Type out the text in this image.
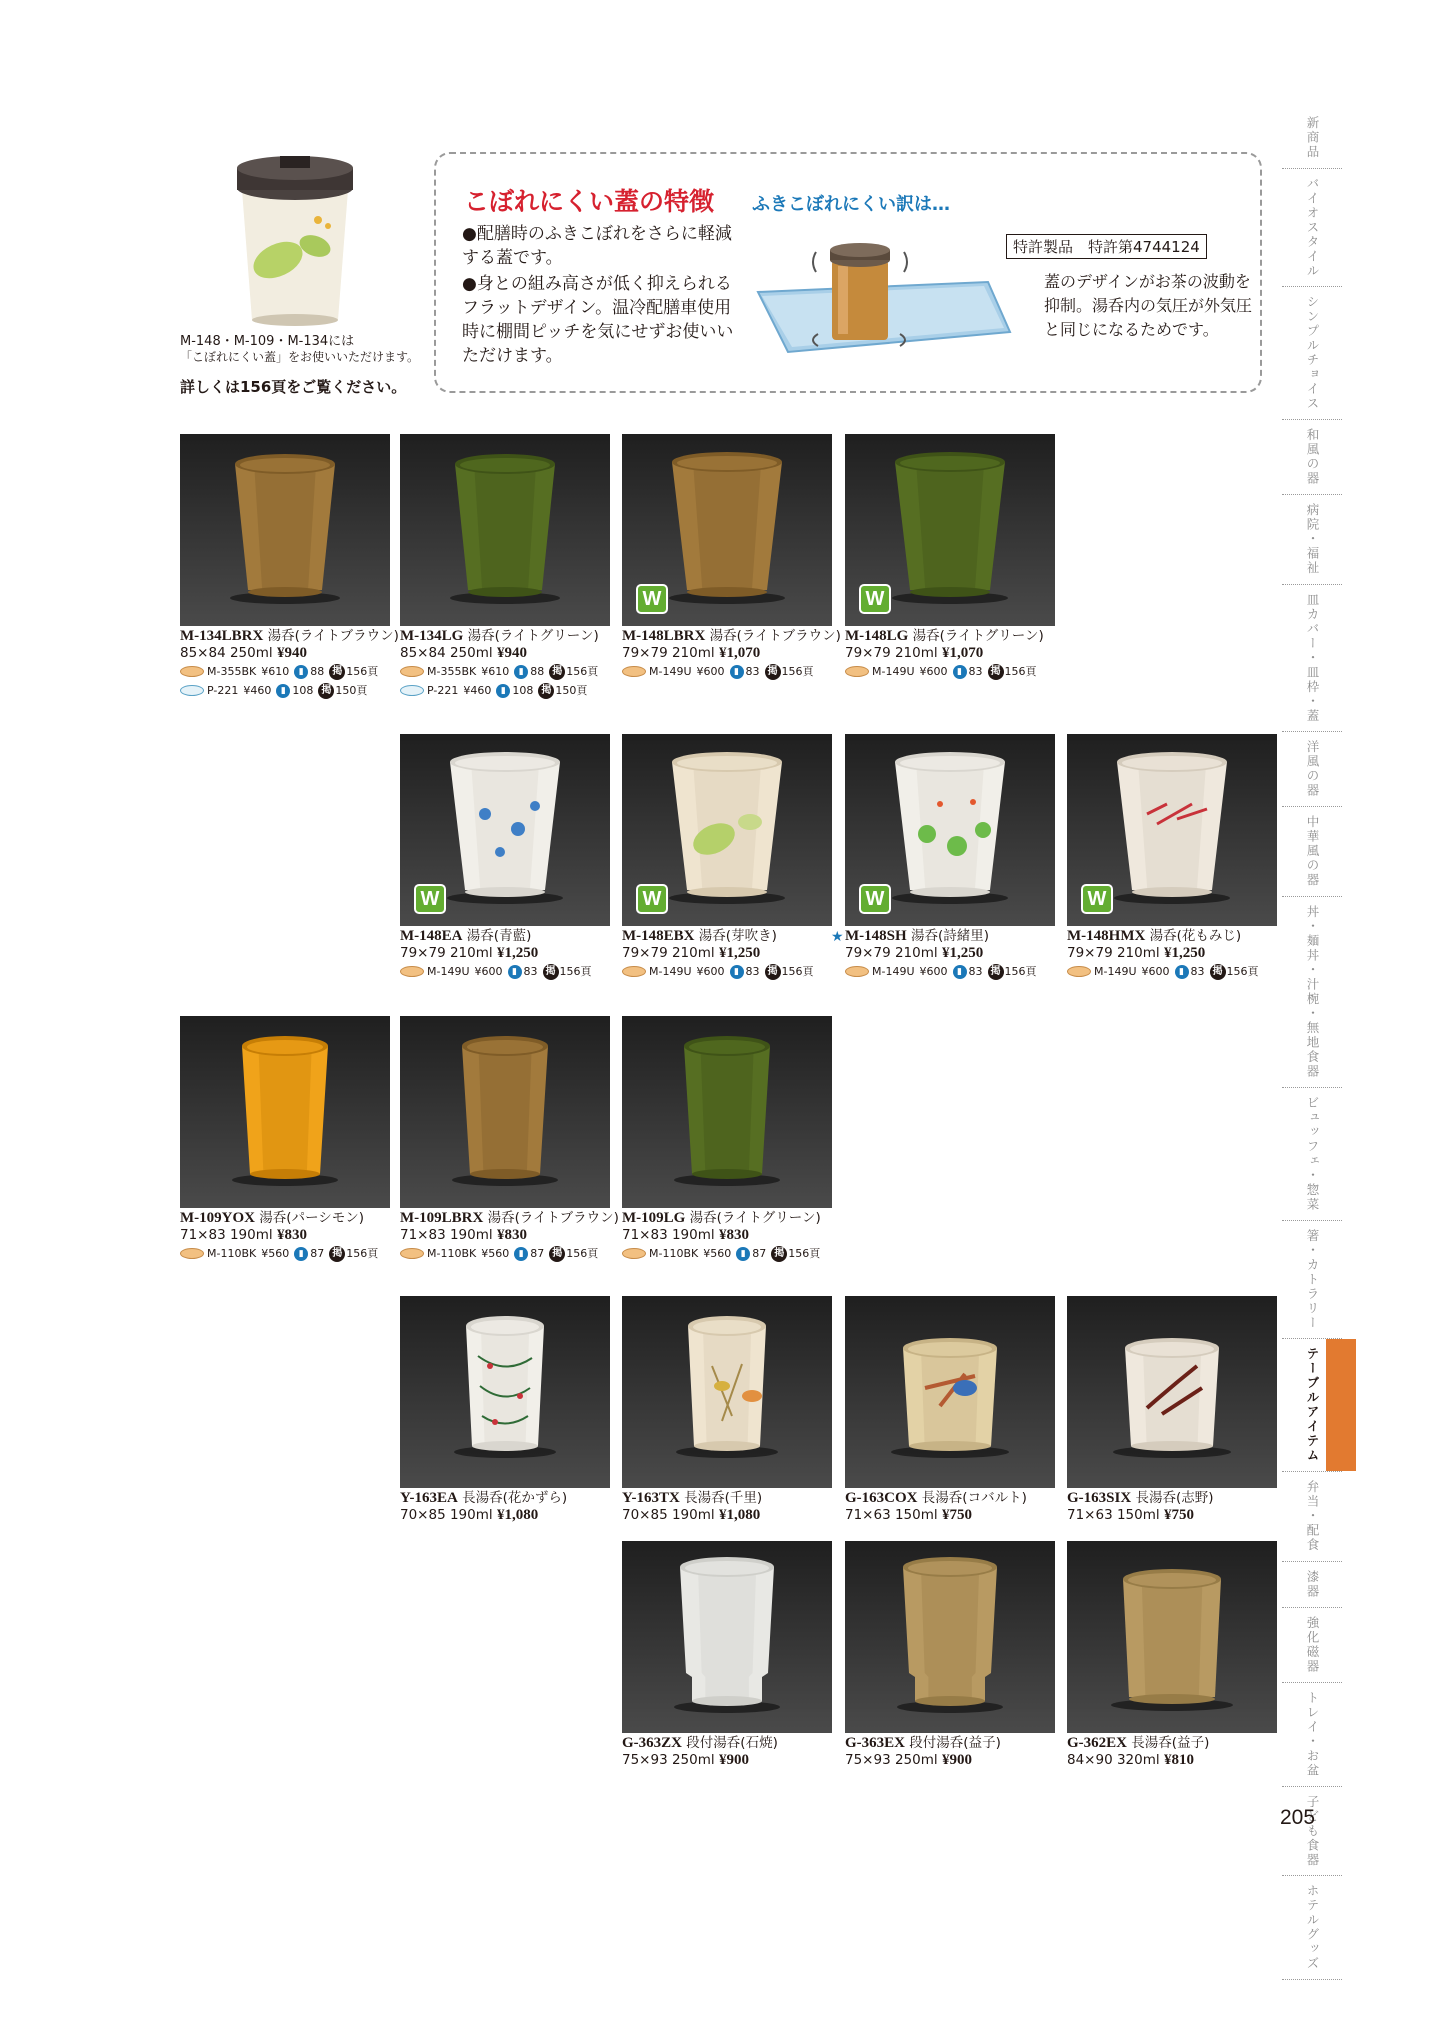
M-148・M-109・M-134には
「こぼれにくい蓋」をお使いいただけます。
詳しくは156頁をご覧ください。
こぼれにくい蓋の特徴
●配膳時のふきこぼれをさらに軽減する蓋です。
●身との組み高さが低く抑えられるフラットデザイン。温冷配膳車使用時に棚間ピッチを気にせずお使いいただけます。
ふきこぼれにくい訳は…
特許製品　特許第4744124
蓋のデザインがお茶の波動を抑制。湯呑内の気圧が外気圧と同じになるためです。
M-134LBRX 湯呑(ライトブラウン)
85×84 250ml ¥940
M-355BK ¥610	▮ 88 掲 156頁
P-221 ¥460	▮ 108 掲 150頁
M-134LG 湯呑(ライトグリーン)
85×84 250ml ¥940
M-355BK ¥610	▮ 88 掲 156頁
P-221 ¥460	▮ 108 掲 150頁
W
M-148LBRX 湯呑(ライトブラウン)
79×79 210ml ¥1,070
M-149U ¥600	▮ 83 掲 156頁
W
M-148LG 湯呑(ライトグリーン)
79×79 210ml ¥1,070
M-149U ¥600	▮ 83 掲 156頁
W
M-148EA 湯呑(青藍)
79×79 210ml ¥1,250
M-149U ¥600	▮ 83 掲 156頁
W
M-148EBX 湯呑(芽吹き)
79×79 210ml ¥1,250
M-149U ¥600	▮ 83 掲 156頁
W
★ M-148SH 湯呑(詩緒里)
79×79 210ml ¥1,250
M-149U ¥600	▮ 83 掲 156頁
W
M-148HMX 湯呑(花もみじ)
79×79 210ml ¥1,250
M-149U ¥600	▮ 83 掲 156頁
M-109YOX 湯呑(パーシモン)
71×83 190ml ¥830
M-110BK ¥560	▮ 87 掲 156頁
M-109LBRX 湯呑(ライトブラウン)
71×83 190ml ¥830
M-110BK ¥560	▮ 87 掲 156頁
M-109LG 湯呑(ライトグリーン)
71×83 190ml ¥830
M-110BK ¥560	▮ 87 掲 156頁
Y-163EA 長湯呑(花かずら)
70×85 190ml ¥1,080
Y-163TX 長湯呑(千里)
70×85 190ml ¥1,080
G-163COX 長湯呑(コバルト)
71×63 150ml ¥750
G-163SIX 長湯呑(志野)
71×63 150ml ¥750
G-363ZX 段付湯呑(石焼)
75×93 250ml ¥900
G-363EX 段付湯呑(益子)
75×93 250ml ¥900
G-362EX 長湯呑(益子)
84×90 320ml ¥810
新商品
バイオスタイル
シンプルチョイス
和風の器
病院・福祉
皿カバー・皿枠・蓋
洋風の器
中華風の器
丼・麺丼・汁椀・無地食器
ビュッフェ・惣菜
箸・カトラリー
テーブルアイテム
弁当・配食
漆器
強化磁器
トレイ・お盆
子ども食器
ホテルグッズ
205
